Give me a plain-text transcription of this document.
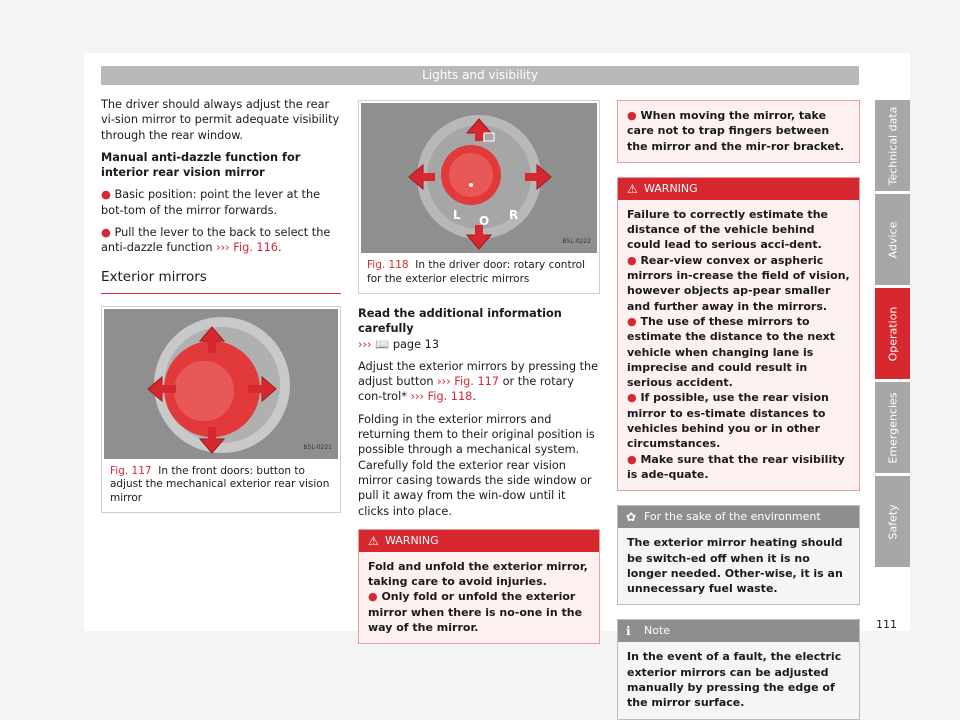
Lights and visibility

The driver should always adjust the rear vi-sion mirror to permit adequate visibility through the rear window.

Manual anti-dazzle function for interior rear vision mirror

● Basic position: point the lever at the bot-tom of the mirror forwards.

● Pull the lever to the back to select the anti-dazzle function ››› Fig. 116.

Exterior mirrors
B5L-0221
Fig. 117 In the front doors: button to adjust the mechanical exterior rear vision mirror
L O R
B5L-0222
Fig. 118 In the driver door: rotary control for the exterior electric mirrors

Read the additional information carefully

››› 📖 page 13

Adjust the exterior mirrors by pressing the adjust button ››› Fig. 117 or the rotary con-trol* ››› Fig. 118.

Folding in the exterior mirrors and returning them to their original position is possible through a mechanical system. Carefully fold the exterior rear vision mirror casing towards the side window or pull it away from the win-dow until it clicks into place.

⚠ WARNING

Fold and unfold the exterior mirror, taking care to avoid injuries.

● Only fold or unfold the exterior mirror when there is no-one in the way of the mirror.

● When moving the mirror, take care not to trap fingers between the mirror and the mir-ror bracket.

⚠ WARNING

Failure to correctly estimate the distance of the vehicle behind could lead to serious acci-dent.

● Rear-view convex or aspheric mirrors in-crease the field of vision, however objects ap-pear smaller and further away in the mirrors.

● The use of these mirrors to estimate the distance to the next vehicle when changing lane is imprecise and could result in serious accident.

● If possible, use the rear vision mirror to es-timate distances to vehicles behind you or in other circumstances.

● Make sure that the rear visibility is ade-quate.

✿ For the sake of the environment

The exterior mirror heating should be switch-ed off when it is no longer needed. Other-wise, it is an unnecessary fuel waste.

ℹ Note

In the event of a fault, the electric exterior mirrors can be adjusted manually by pressing the edge of the mirror surface.

Technical data
Advice
Operation
Emergencies
Safety
111
